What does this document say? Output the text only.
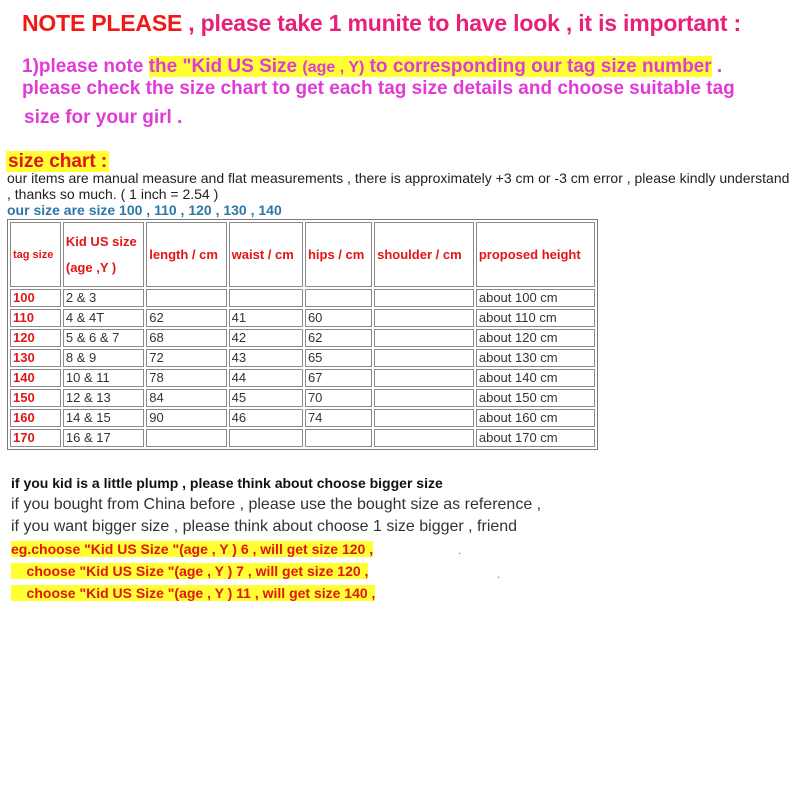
NOTE PLEASE , please take 1 munite to have look , it is important :
1)please note the "Kid US Size (age , Y) to corresponding our tag size number .
please check the size chart to get each tag size details and choose suitable tag
size for your girl .
size chart :
our items are manual measure and flat measurements , there is approximately +3 cm or -3 cm error , please kindly understand , thanks so much. ( 1 inch = 2.54 )
our size are size 100 , 110 , 120 , 130 , 140
tag size	Kid US size (age ,Y )	length / cm	waist / cm	hips / cm	shoulder / cm	proposed height
100	2 & 3					about 100 cm
110	4 & 4T	62	41	60		about 110 cm
120	5 & 6 & 7	68	42	62		about 120 cm
130	8 & 9	72	43	65		about 130 cm
140	10 & 11	78	44	67		about 140 cm
150	12 & 13	84	45	70		about 150 cm
160	14 & 15	90	46	74		about 160 cm
170	16 & 17					about 170 cm
if you kid is a little plump , please think about choose bigger size
if you bought from China before , please use the bought size as reference ,
if you want bigger size , please think about choose 1 size bigger , friend
eg.choose "Kid US Size "(age , Y ) 6 , will get size 120 ,
choose "Kid US Size "(age , Y ) 7 , will get size 120 ,
choose "Kid US Size "(age , Y ) 11 , will get size 140 ,
.
.
